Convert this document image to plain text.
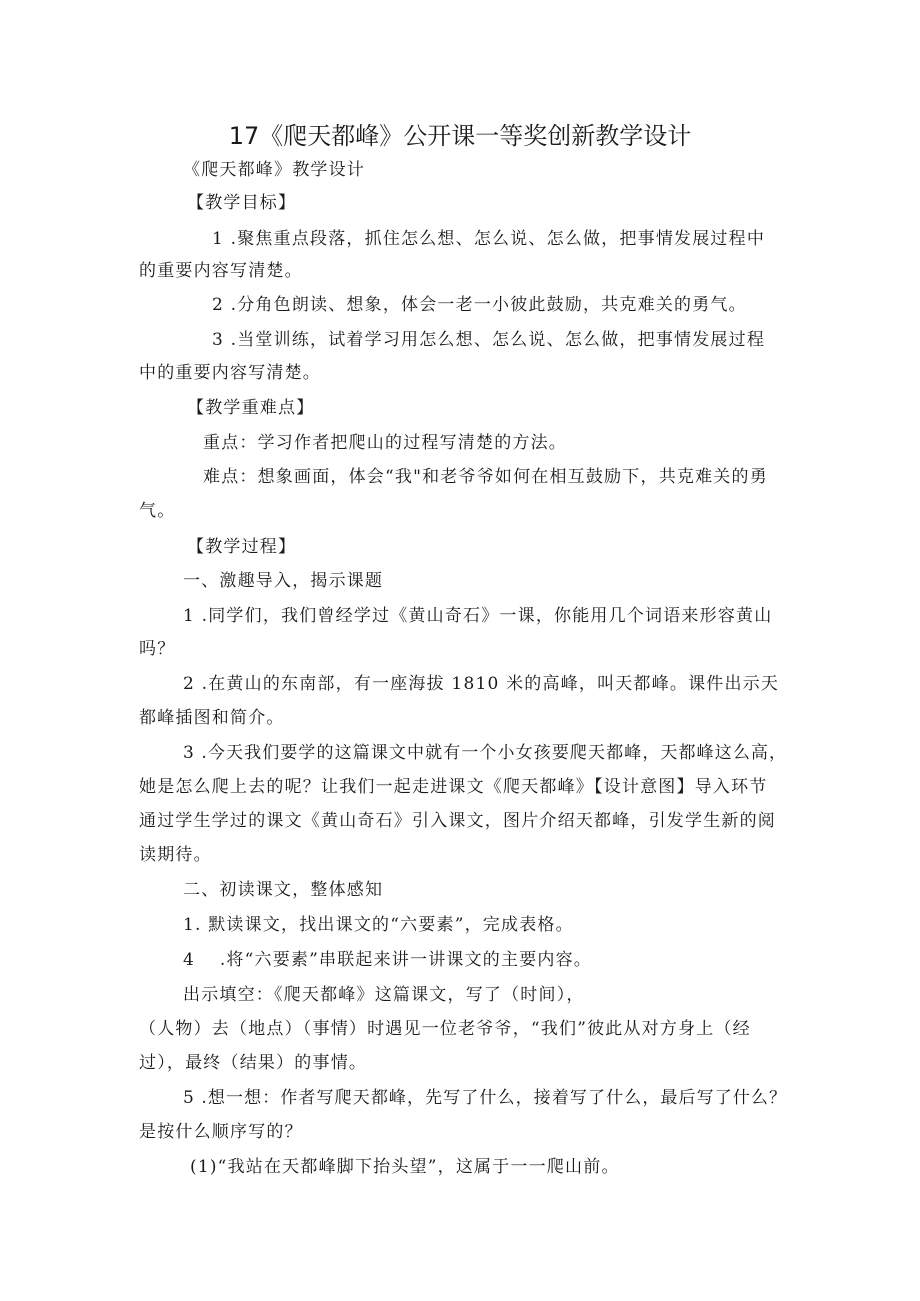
17《爬天都峰》公开课一等奖创新教学设计

《爬天都峰》教学设计

【教学目标】

1 .聚焦重点段落，抓住怎么想、怎么说、怎么做，把事情发展过程中

的重要内容写清楚。

2 .分角色朗读、想象，体会一老一小彼此鼓励，共克难关的勇气。

3 .当堂训练，试着学习用怎么想、怎么说、怎么做，把事情发展过程

中的重要内容写清楚。

【教学重难点】

重点：学习作者把爬山的过程写清楚的方法。

难点：想象画面，体会“我"和老爷爷如何在相互鼓励下，共克难关的勇

气。

【教学过程】

一、激趣导入，揭示课题

1 .同学们，我们曾经学过《黄山奇石》一课，你能用几个词语来形容黄山

吗？

2 .在黄山的东南部，有一座海拔 1810 米的高峰，叫天都峰。课件出示天

都峰插图和简介。

3 .今天我们要学的这篇课文中就有一个小女孩要爬天都峰，天都峰这么高，

她是怎么爬上去的呢？让我们一起走进课文《爬天都峰》【设计意图】导入环节

通过学生学过的课文《黄山奇石》引入课文，图片介绍天都峰，引发学生新的阅

读期待。

二、初读课文，整体感知

1. 默读课文，找出课文的“六要素”，完成表格。

4　 .将“六要素”串联起来讲一讲课文的主要内容。

出示填空：《爬天都峰》这篇课文，写了（时间），

（人物）去（地点）（事情）时遇见一位老爷爷，“我们”彼此从对方身上（经

过），最终（结果）的事情。

5 .想一想：作者写爬天都峰，先写了什么，接着写了什么，最后写了什么？

是按什么顺序写的？

(1)“我站在天都峰脚下抬头望”，这属于一一爬山前。
